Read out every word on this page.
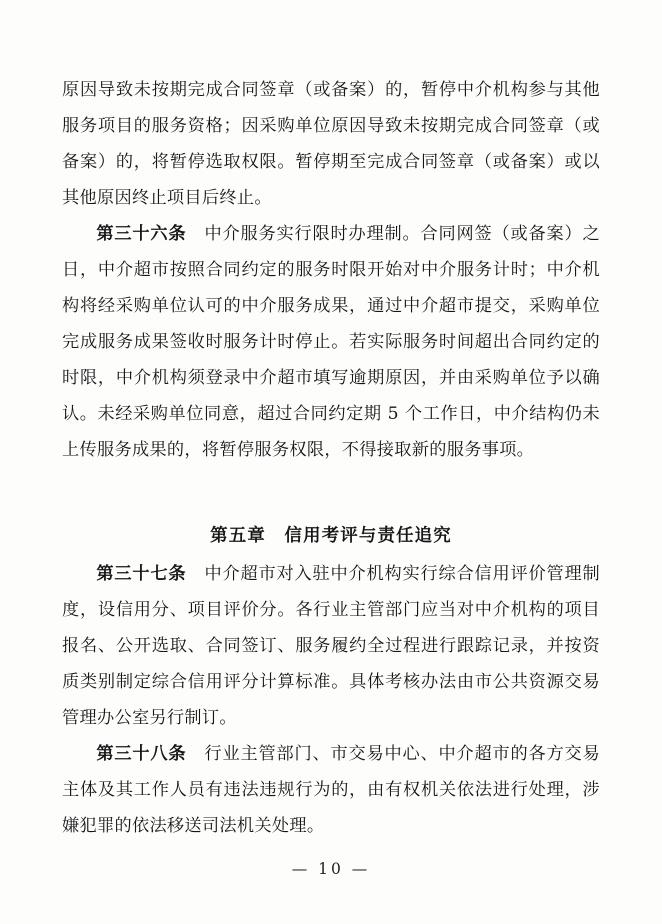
原因导致未按期完成合同签章（或备案）的，暂停中介机构参与其他服务项目的服务资格；因采购单位原因导致未按期完成合同签章（或备案）的，将暂停选取权限。暂停期至完成合同签章（或备案）或以其他原因终止项目后终止。

第三十六条　 中介服务实行限时办理制。合同网签（或备案）之日，中介超市按照合同约定的服务时限开始对中介服务计时；中介机构将经采购单位认可的中介服务成果，通过中介超市提交，采购单位完成服务成果签收时服务计时停止。若实际服务时间超出合同约定的时限，中介机构须登录中介超市填写逾期原因，并由采购单位予以确认。未经采购单位同意，超过合同约定期 5 个工作日，中介结构仍未上传服务成果的，将暂停服务权限，不得接取新的服务事项。

第五章　信用考评与责任追究

第三十七条　 中介超市对入驻中介机构实行综合信用评价管理制度，设信用分、项目评价分。各行业主管部门应当对中介机构的项目报名、公开选取、合同签订、服务履约全过程进行跟踪记录，并按资质类别制定综合信用评分计算标准。具体考核办法由市公共资源交易管理办公室另行制订。

第三十八条　 行业主管部门、市交易中心、中介超市的各方交易主体及其工作人员有违法违规行为的，由有权机关依法进行处理，涉嫌犯罪的依法移送司法机关处理。

— 10 —
